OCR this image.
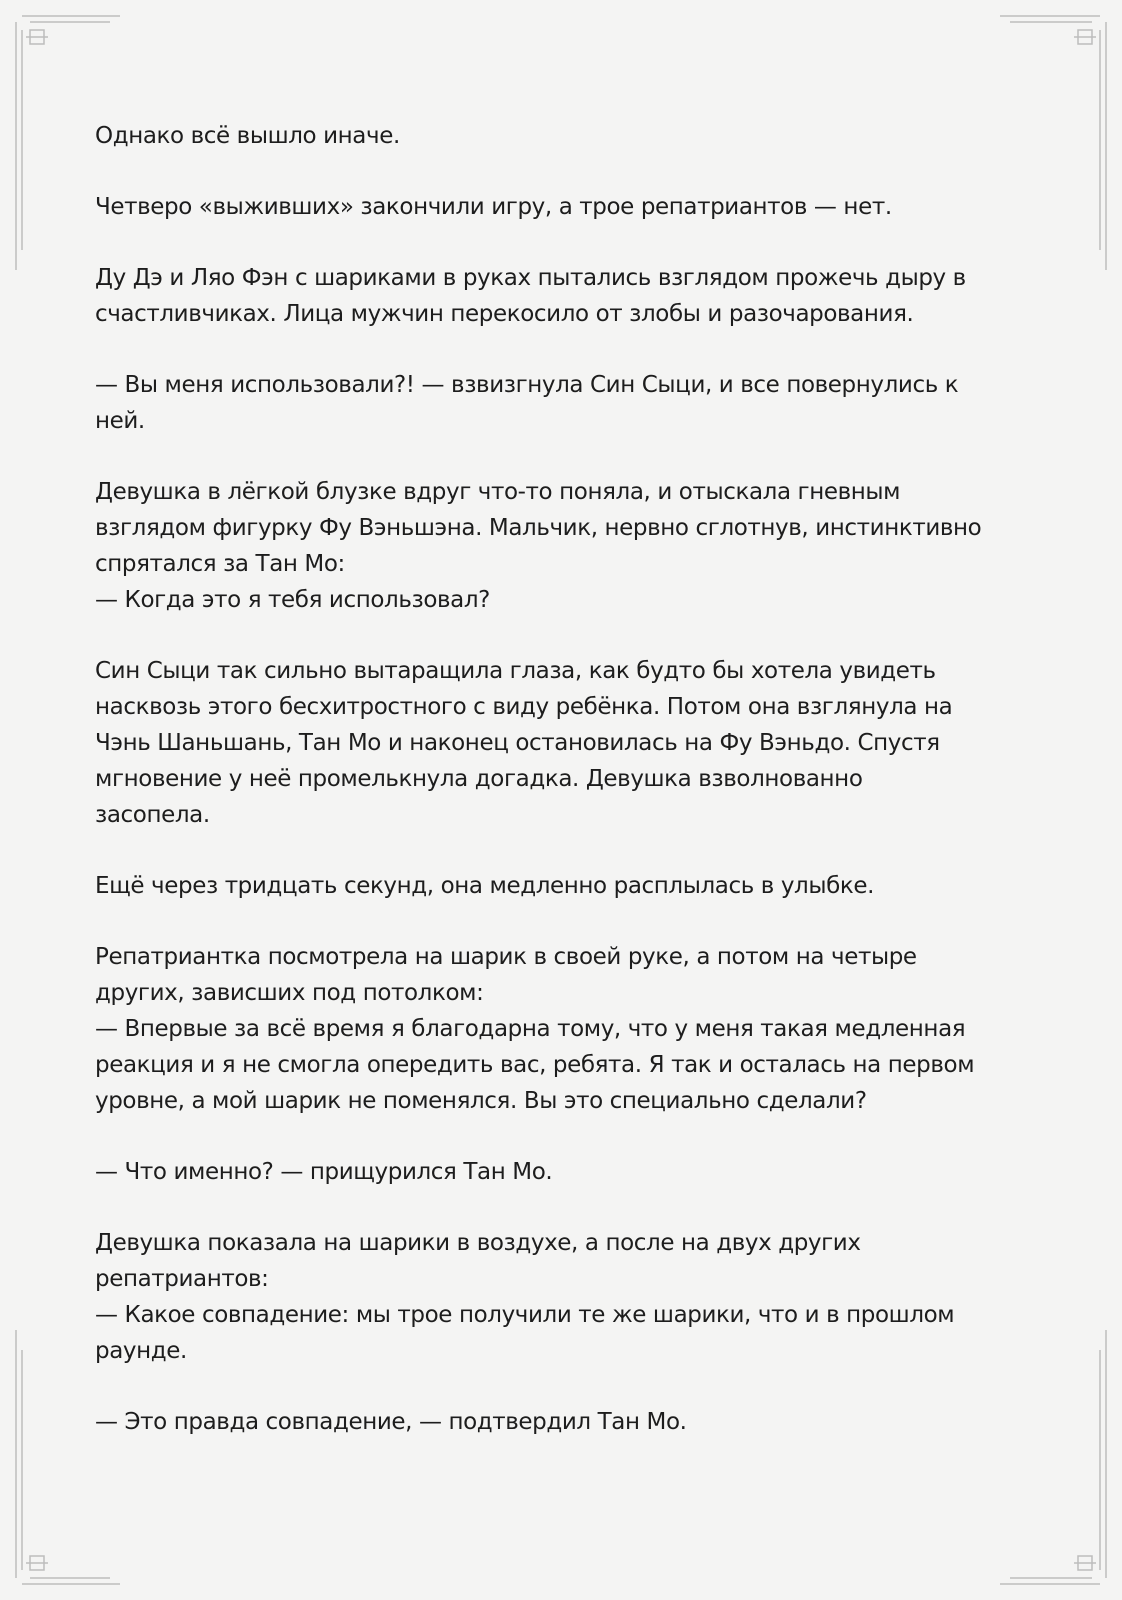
Однако всё вышло иначе.

Четверо «выживших» закончили игру, а трое репатриантов — нет.

Ду Дэ и Ляо Фэн с шариками в руках пытались взглядом прожечь дыру в
счастливчиках. Лица мужчин перекосило от злобы и разочарования.

— Вы меня использовали?! — взвизгнула Син Сыци, и все повернулись к
ней.

Девушка в лёгкой блузке вдруг что-то поняла, и отыскала гневным
взглядом фигурку Фу Вэньшэна. Мальчик, нервно сглотнув, инстинктивно
спрятался за Тан Мо:
— Когда это я тебя использовал?

Син Сыци так сильно вытаращила глаза, как будто бы хотела увидеть
насквозь этого бесхитростного с виду ребёнка. Потом она взглянула на
Чэнь Шаньшань, Тан Мо и наконец остановилась на Фу Вэньдо. Спустя
мгновение у неё промелькнула догадка. Девушка взволнованно
засопела.

Ещё через тридцать секунд, она медленно расплылась в улыбке.

Репатриантка посмотрела на шарик в своей руке, а потом на четыре
других, зависших под потолком:
— Впервые за всё время я благодарна тому, что у меня такая медленная
реакция и я не смогла опередить вас, ребята. Я так и осталась на первом
уровне, а мой шарик не поменялся. Вы это специально сделали?

— Что именно? — прищурился Тан Мо.

Девушка показала на шарики в воздухе, а после на двух других
репатриантов:
— Какое совпадение: мы трое получили те же шарики, что и в прошлом
раунде.

— Это правда совпадение, — подтвердил Тан Мо.
